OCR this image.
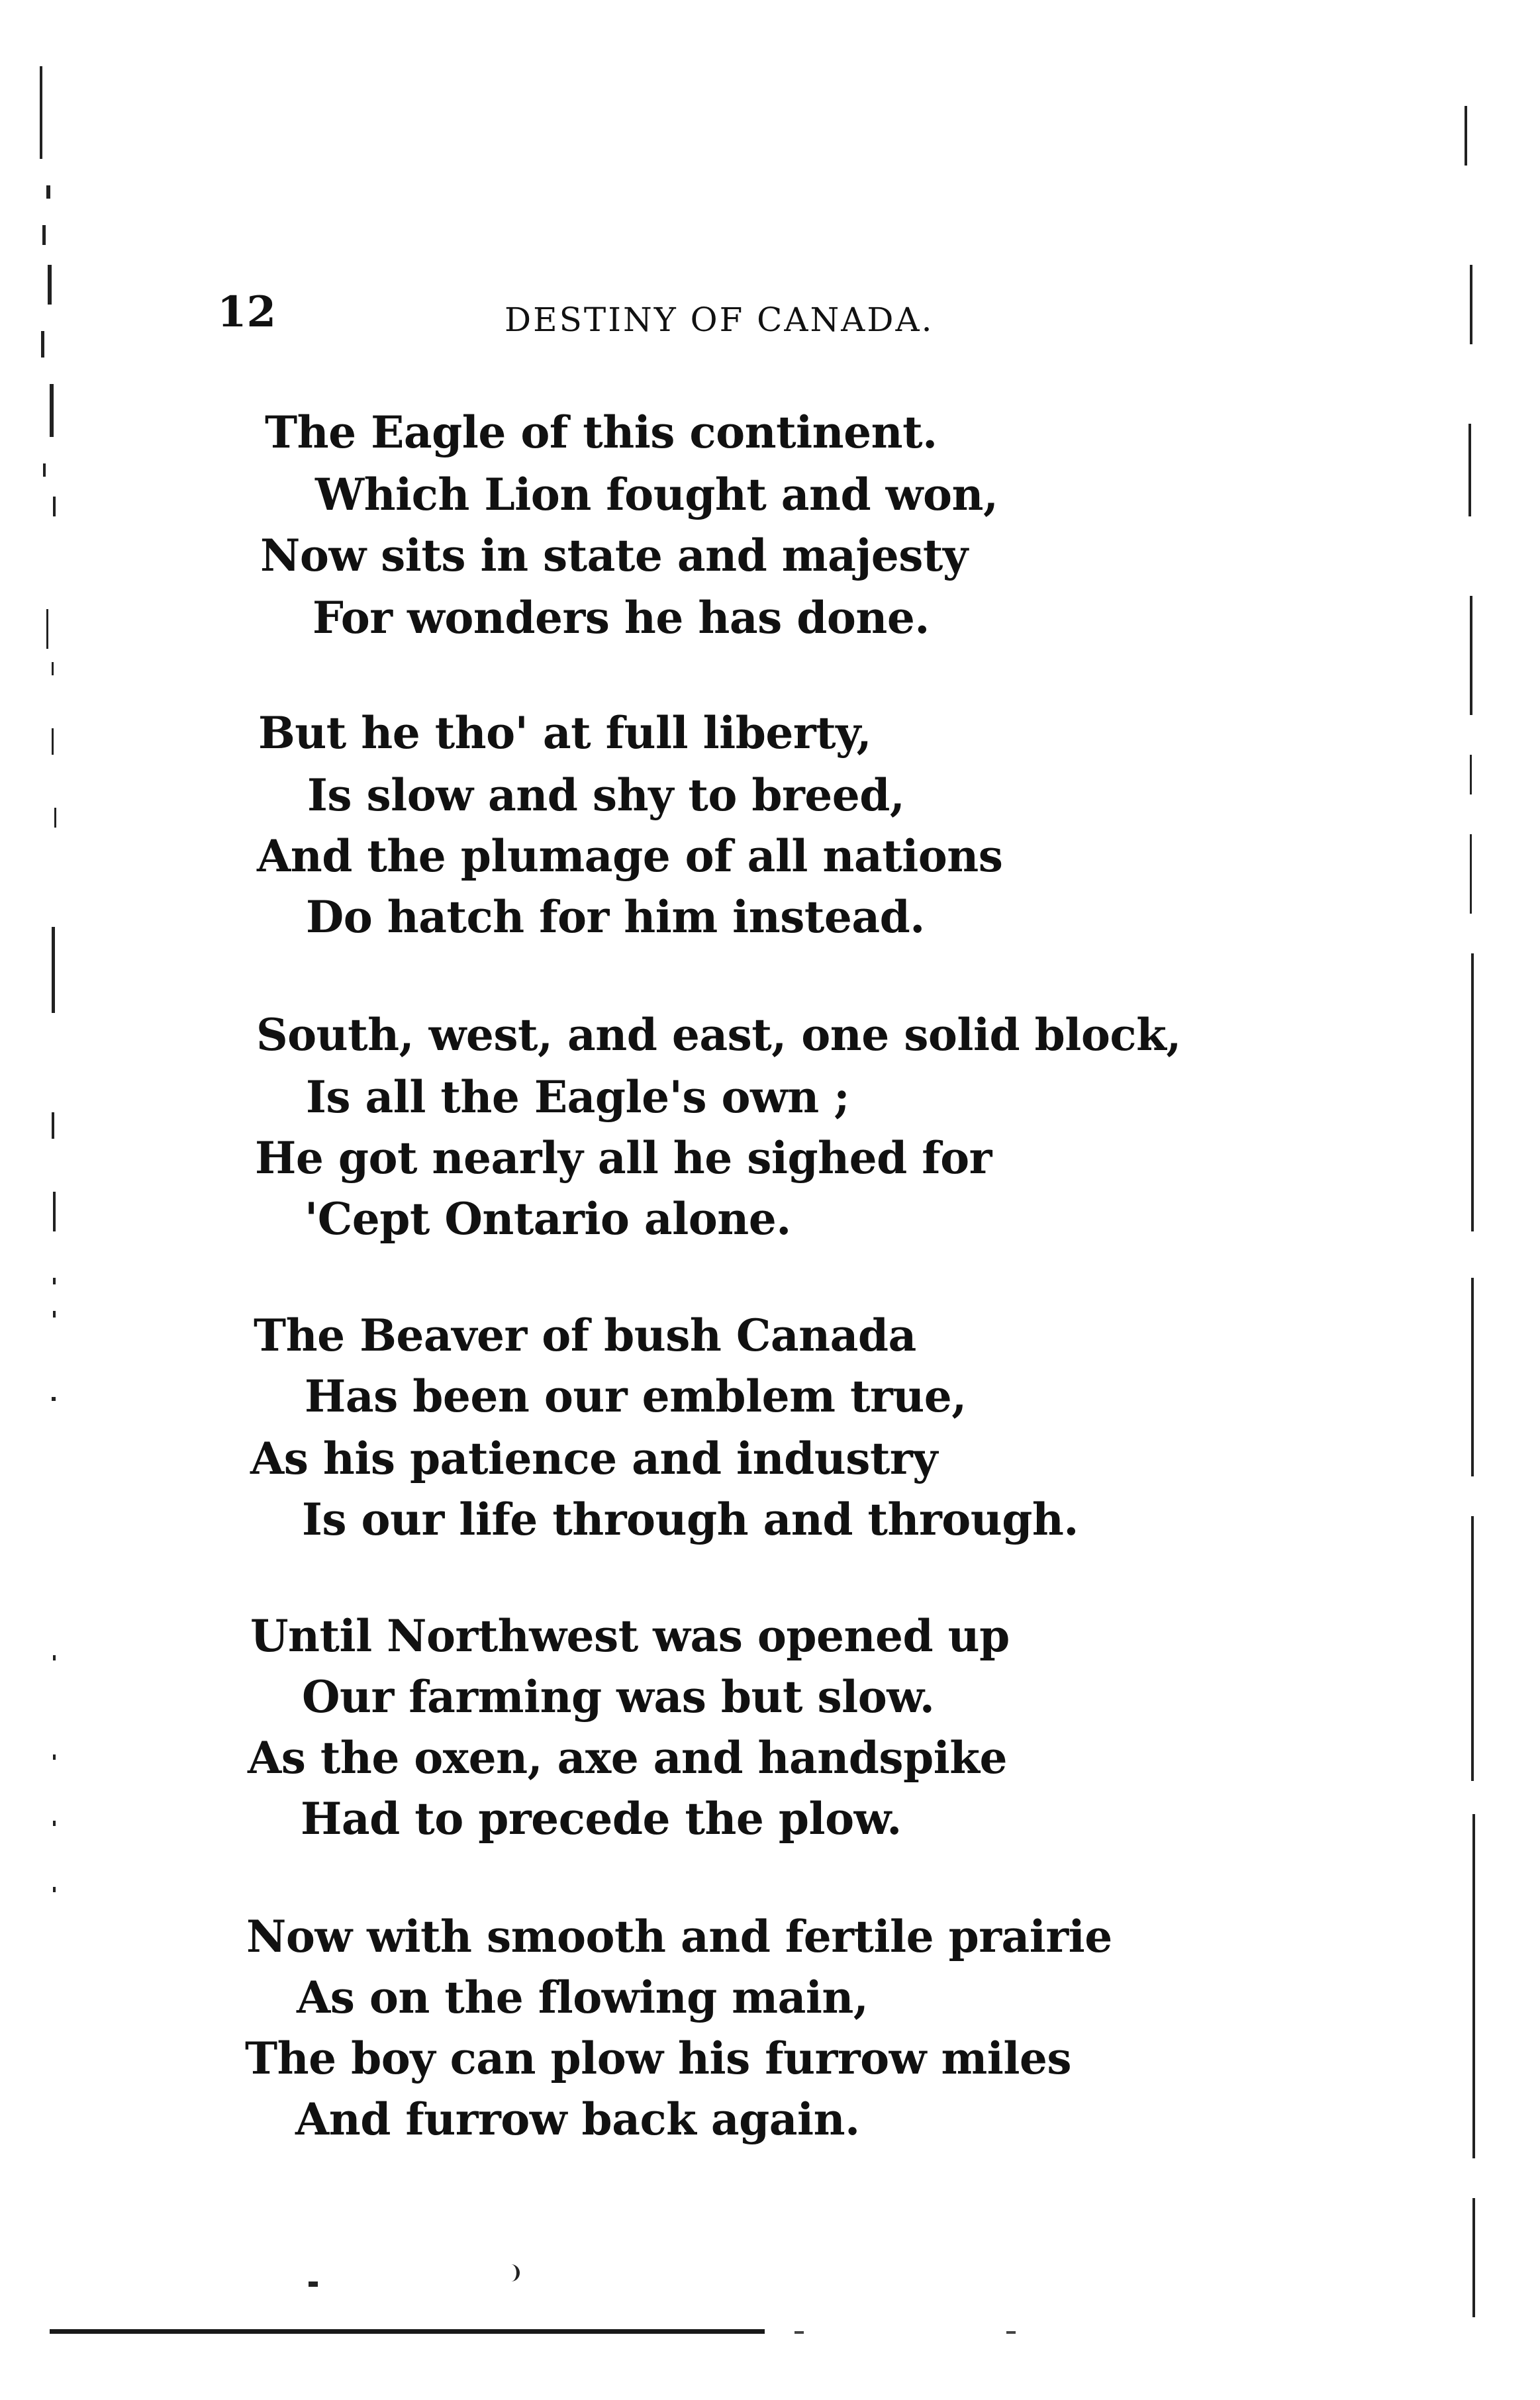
12	DESTINY OF CANADA.
The Eagle of this continent.
Which Lion fought and won,
Now sits in state and majesty
For wonders he has done.
But he tho' at full liberty,
Is slow and shy to breed,
And the plumage of all nations
Do hatch for him instead.
South, west, and east, one solid block,
Is all the Eagle's own ;
He got nearly all he sighed for
'Cept Ontario alone.
The Beaver of bush Canada
Has been our emblem true,
As his patience and industry
Is our life through and through.
Until Northwest was opened up
Our farming was but slow.
As the oxen, axe and handspike
Had to precede the plow.
Now with smooth and fertile prairie
As on the flowing main,
The boy can plow his furrow miles
And furrow back again.
